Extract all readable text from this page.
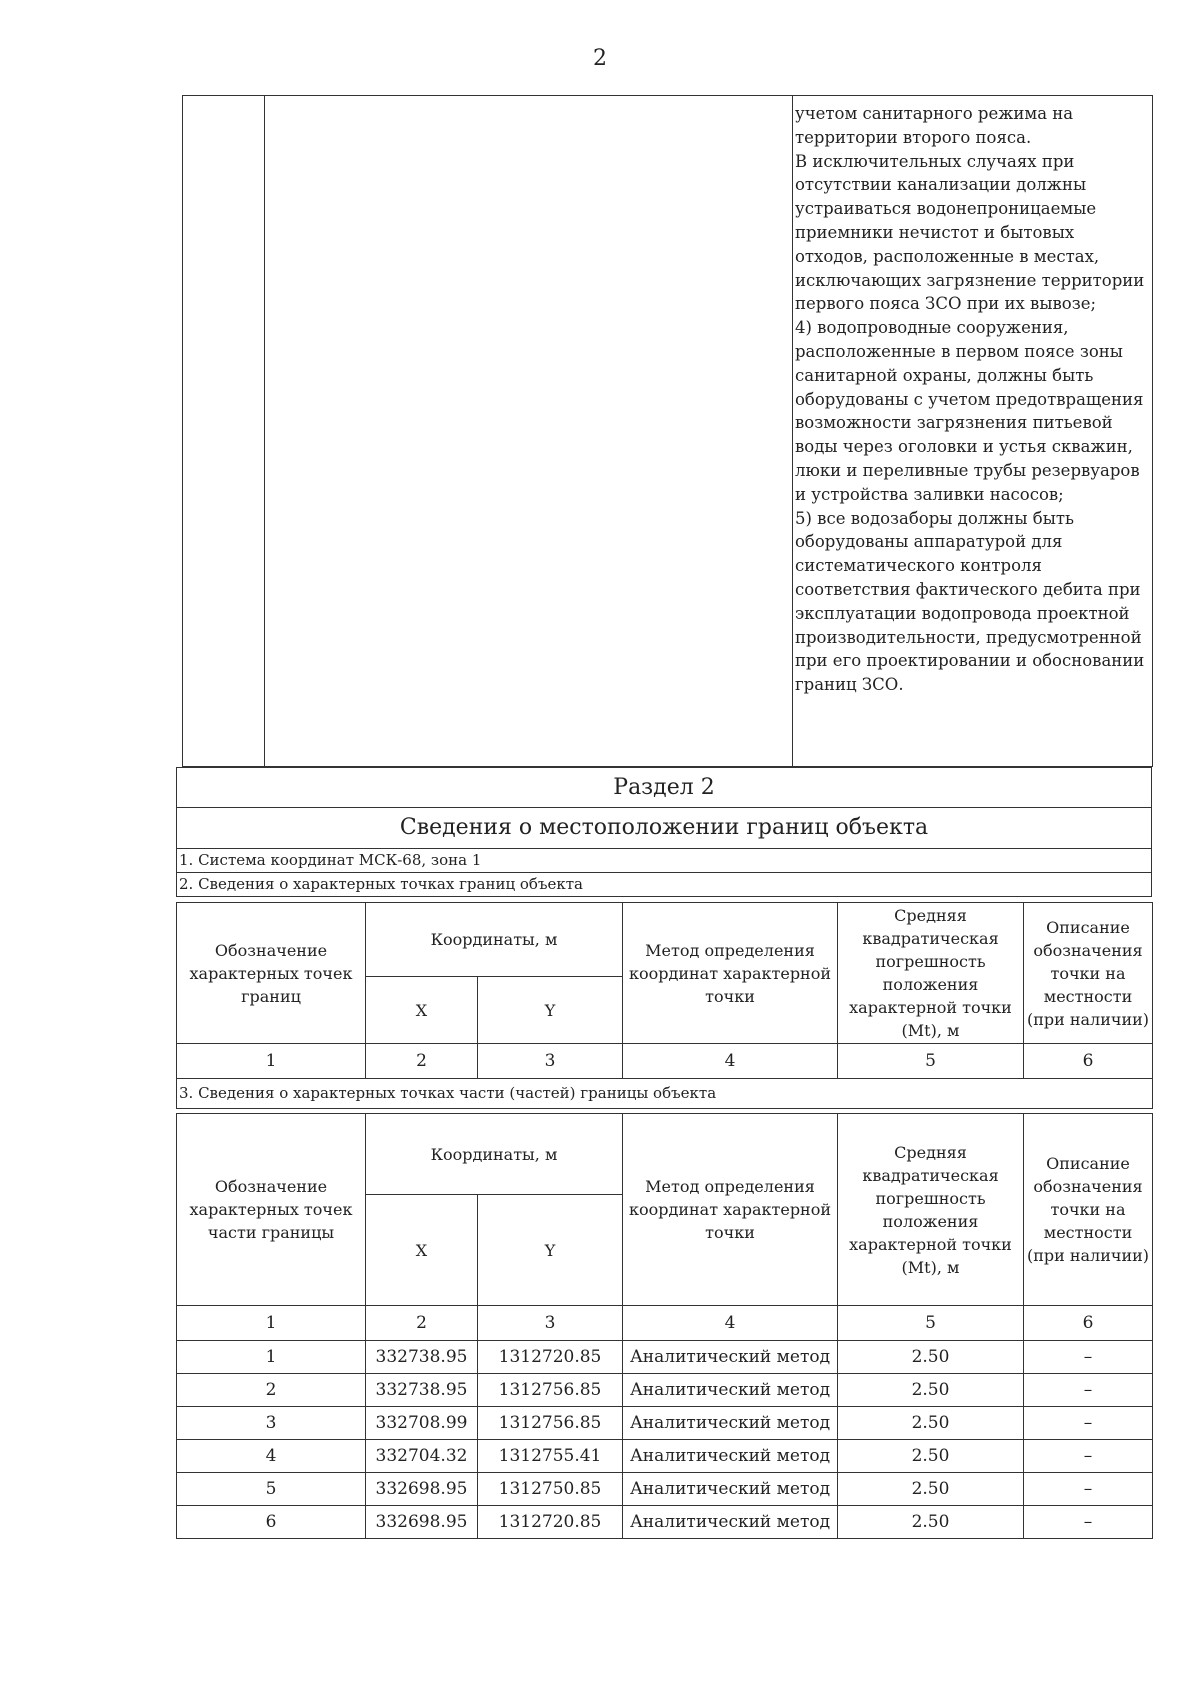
2

учетом санитарного режима на территории второго пояса.
В исключительных случаях при отсутствии канализации должны устраиваться водонепроницаемые приемники нечистот и бытовых отходов, расположенные в местах, исключающих загрязнение территории первого пояса ЗСО при их вывозе;
4) водопроводные сооружения, расположенные в первом поясе зоны санитарной охраны, должны быть оборудованы с учетом предотвращения возможности загрязнения питьевой воды через оголовки и устья скважин, люки и переливные трубы резервуаров и устройства заливки насосов;
5) все водозаборы должны быть оборудованы аппаратурой для систематического контроля соответствия фактического дебита при эксплуатации водопровода проектной производительности, предусмотренной при его проектировании и обосновании границ ЗСО.
Раздел 2
Сведения о местоположении границ объекта
1. Система координат МСК-68, зона 1
2. Сведения о характерных точках границ объекта
Обозначение характерных точек границ	Координаты, м		Метод определения координат характерной точки	Средняя квадратическая погрешность положения характерной точки (Mt), м	Описание обозначения точки на местности (при наличии)
	X	Y			
1	2	3	4	5	6
3. Сведения о характерных точках части (частей) границы объекта					
Обозначение характерных точек части границы	Координаты, м		Метод определения координат характерной точки	Средняя квадратическая погрешность положения характерной точки (Mt), м	Описание обозначения точки на местности (при наличии)
	X	Y			
1	2	3	4	5	6
1	332738.95	1312720.85	Аналитический метод	2.50	–
2	332738.95	1312756.85	Аналитический метод	2.50	–
3	332708.99	1312756.85	Аналитический метод	2.50	–
4	332704.32	1312755.41	Аналитический метод	2.50	–
5	332698.95	1312750.85	Аналитический метод	2.50	–
6	332698.95	1312720.85	Аналитический метод	2.50	–
